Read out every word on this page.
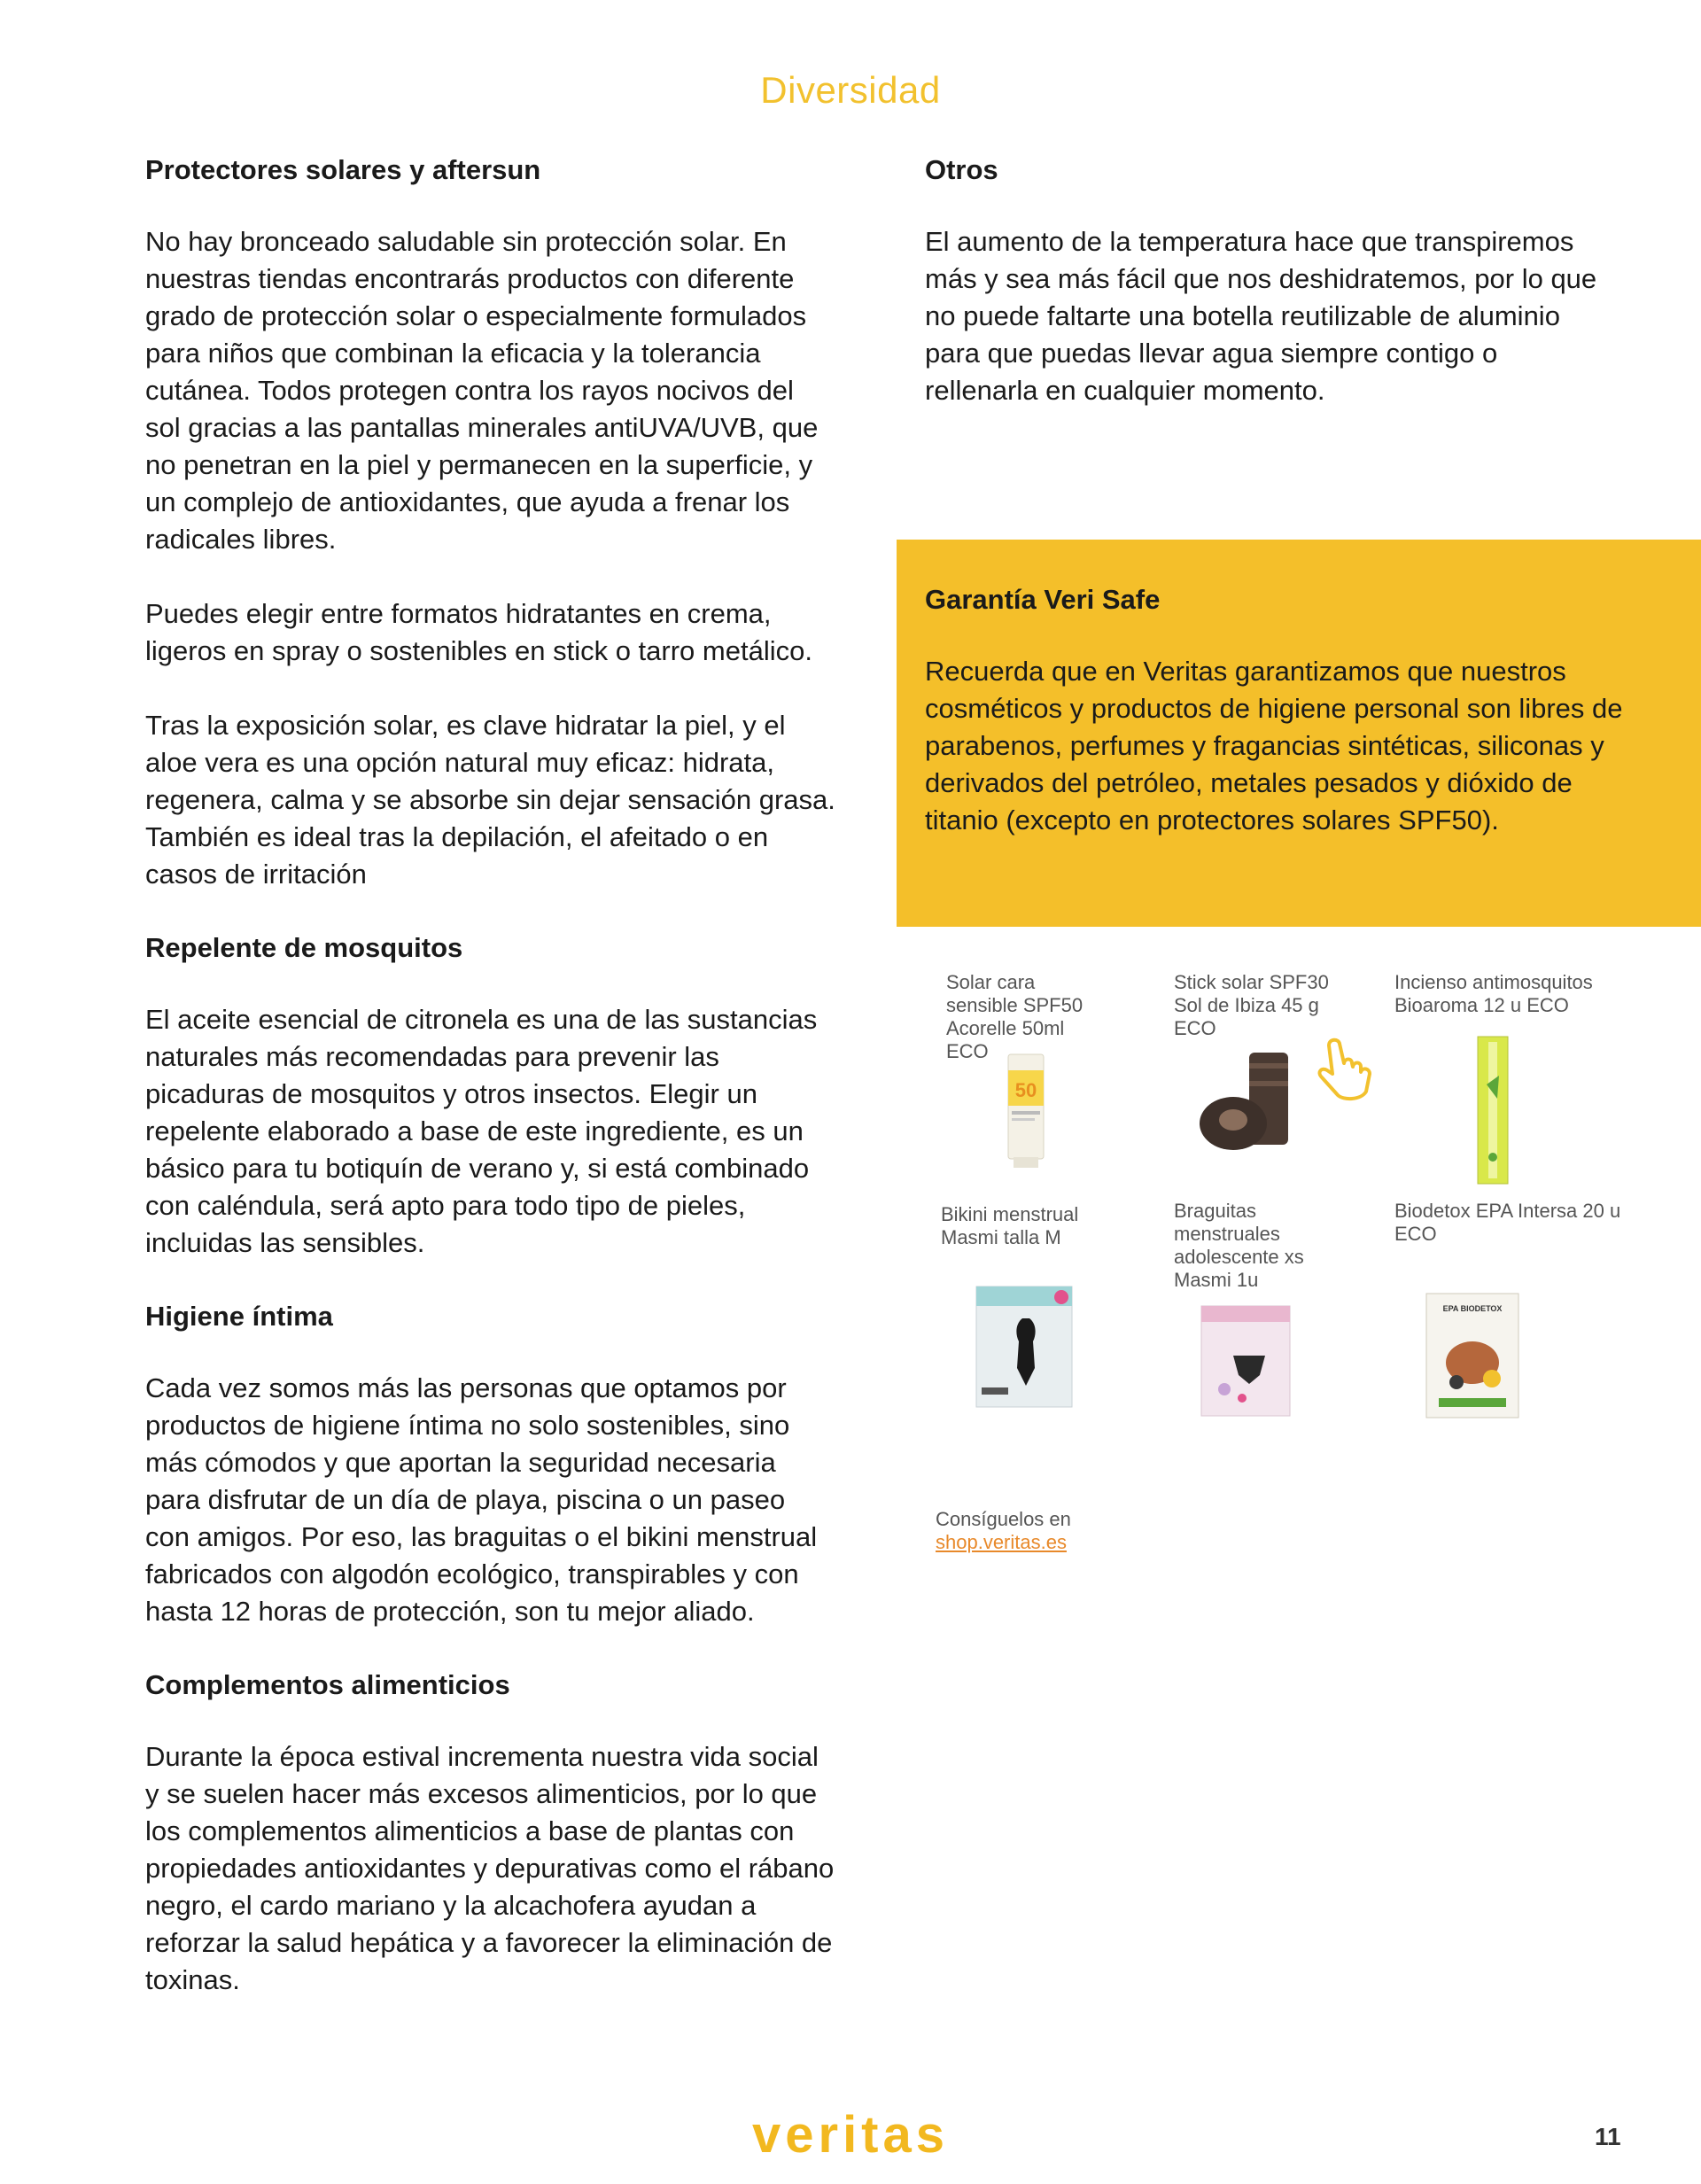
Diversidad
Protectores solares y aftersun

No hay bronceado saludable sin protección solar. En nuestras tiendas encontrarás productos con diferente grado de protección solar o especialmente formulados para niños que combinan la eficacia y la tolerancia cutánea. Todos protegen contra los rayos nocivos del sol gracias a las pantallas minerales antiUVA/UVB, que no penetran en la piel y permanecen en la superficie, y un complejo de antioxidantes, que ayuda a frenar los radicales libres.

Puedes elegir entre formatos hidratantes en crema, ligeros en spray o sostenibles en stick o tarro metálico.

Tras la exposición solar, es clave hidratar la piel, y el aloe vera es una opción natural muy eficaz: hidrata, regenera, calma y se absorbe sin dejar sensación grasa. También es ideal tras la depilación, el afeitado o en casos de irritación

Repelente de mosquitos

El aceite esencial de citronela es una de las sustancias naturales más recomendadas para prevenir las picaduras de mosquitos y otros insectos. Elegir un repelente elaborado a base de este ingrediente, es un básico para tu botiquín de verano y, si está combinado con caléndula, será apto para todo tipo de pieles, incluidas las sensibles.

Higiene íntima

Cada vez somos más las personas que optamos por productos de higiene íntima no solo sostenibles, sino más cómodos y que aportan la seguridad necesaria para disfrutar de un día de playa, piscina o un paseo con amigos. Por eso, las braguitas o el bikini menstrual fabricados con algodón ecológico, transpirables y con hasta 12 horas de protección, son tu mejor aliado.

Complementos alimenticios

Durante la época estival incrementa nuestra vida social y se suelen hacer más excesos alimenticios, por lo que los complementos alimenticios a base de plantas con propiedades antioxidantes y depurativas como el rábano negro, el cardo mariano y la alcachofera ayudan a reforzar la salud hepática y a favorecer la eliminación de toxinas.

Otros

El aumento de la temperatura hace que transpiremos más y sea más fácil que nos deshidratemos, por lo que no puede faltarte una botella reutilizable de aluminio para que puedas llevar agua siempre contigo o rellenarla en cualquier momento.

Garantía Veri Safe

Recuerda que en Veritas garantizamos que nuestros cosméticos y productos de higiene personal son libres de parabenos, perfumes y fragancias sintéticas, siliconas y derivados del petróleo, metales pesados y dióxido de titanio (excepto en protectores solares SPF50).

Solar cara sensible SPF50 Acorelle 50ml ECO

50

Stick solar SPF30 Sol de Ibiza 45 g ECO

Incienso antimosquitos Bioaroma 12 u ECO

Bikini menstrual Masmi talla M

Braguitas menstruales adolescente xs Masmi 1u

Biodetox EPA Intersa 20 u ECO

EPA BIODETOX
Consíguelos en
shop.veritas.es
veritas	11
